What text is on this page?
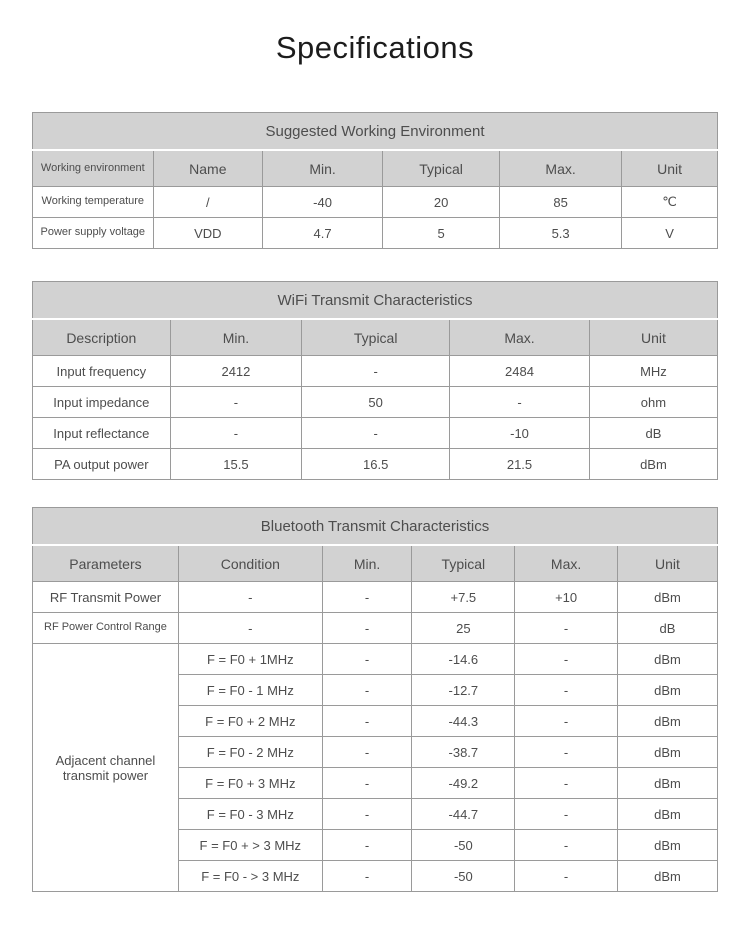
Specifications
Suggested Working Environment					
Working environment	Name	Min.	Typical	Max.	Unit
Working temperature	/	-40	20	85	℃
Power supply voltage	VDD	4.7	5	5.3	V
WiFi Transmit Characteristics				
Description	Min.	Typical	Max.	Unit
Input frequency	2412	-	2484	MHz
Input impedance	-	50	-	ohm
Input reflectance	-	-	-10	dB
PA output power	15.5	16.5	21.5	dBm
Bluetooth Transmit Characteristics					
Parameters	Condition	Min.	Typical	Max.	Unit
RF Transmit Power	-	-	+7.5	+10	dBm
RF Power Control Range	-	-	25	-	dB
Adjacent channel transmit power	F = F0 + 1MHz	-	-14.6	-	dBm
	F = F0 - 1 MHz	-	-12.7	-	dBm
	F = F0 + 2 MHz	-	-44.3	-	dBm
	F = F0 - 2 MHz	-	-38.7	-	dBm
	F = F0 + 3 MHz	-	-49.2	-	dBm
	F = F0 - 3 MHz	-	-44.7	-	dBm
	F = F0 + > 3 MHz	-	-50	-	dBm
	F = F0 - > 3 MHz	-	-50	-	dBm
